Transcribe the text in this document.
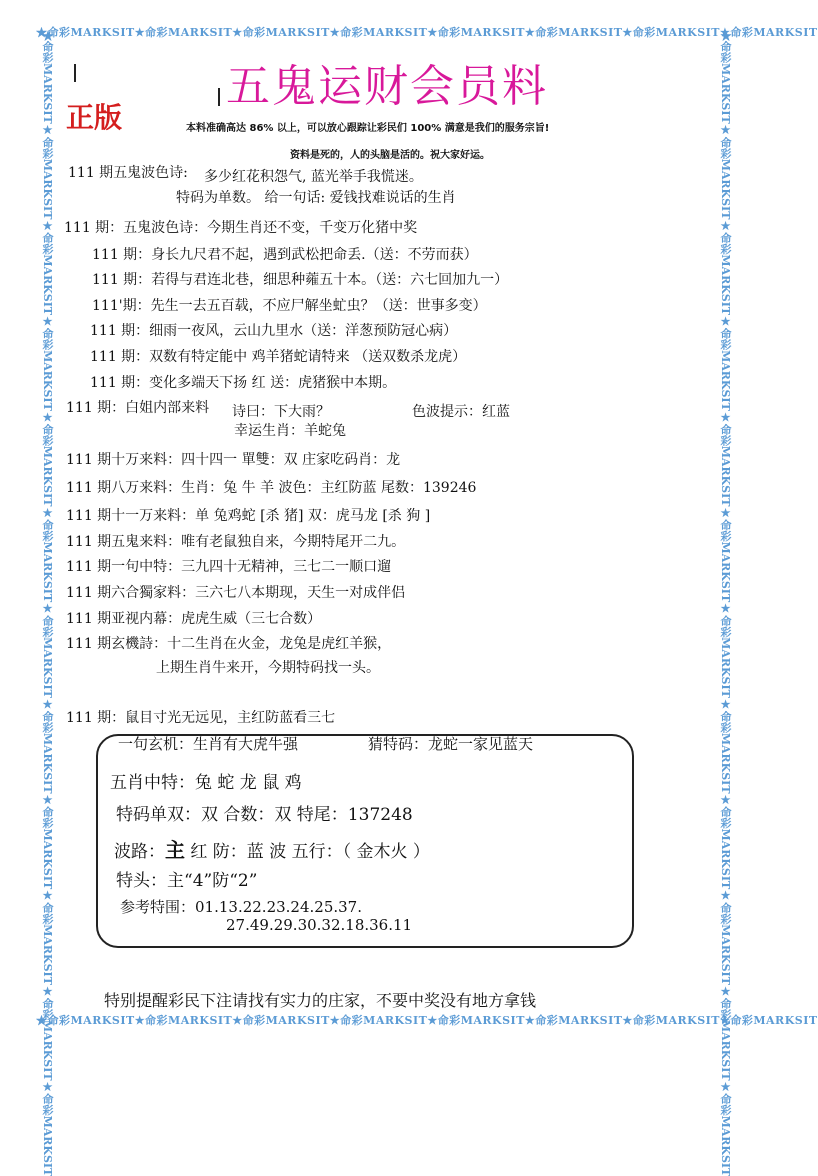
★命彩MARKSIT★命彩MARKSIT★命彩MARKSIT★命彩MARKSIT★命彩MARKSIT★命彩MARKSIT★命彩MARKSIT★命彩MARKSIT
★命彩MARKSIT★命彩MARKSIT★命彩MARKSIT★命彩MARKSIT★命彩MARKSIT★命彩MARKSIT★命彩MARKSIT★命彩MARKSIT
★命彩MARKSIT★命彩MARKSIT★命彩MARKSIT★命彩MARKSIT★命彩MARKSIT★命彩MARKSIT★命彩MARKSIT★命彩MARKSIT★命彩MARKSIT★命彩MARKSIT★命彩MARKSIT★命彩MARKSIT	★命彩MARKSIT★命彩MARKSIT★命彩MARKSIT★命彩MARKSIT★命彩MARKSIT★命彩MARKSIT★命彩MARKSIT★命彩MARKSIT★命彩MARKSIT★命彩MARKSIT★命彩MARKSIT★命彩MARKSIT
五鬼运财会员料
正版	本料准确高达 86% 以上，可以放心跟踪让彩民们 100% 满意是我们的服务宗旨!
资料是死的，人的头脑是活的。祝大家好运。
111 期五鬼波色诗: 多少红花积怨气, 蓝光举手我慌迷。
特码为单数。 给一句话: 爱钱找难说话的生肖
111 期：五鬼波色诗：今期生肖还不变，千变万化猪中奖
111 期：身长九尺君不起，遇到武松把命丢.（送：不劳而获）
111 期：若得与君连北巷，细思种蕹五十本。（送：六七回加九一）
111'期：先生一去五百载，不应尸解坐虻虫？（送：世事多变）
111 期：细雨一夜风，云山九里水（送：洋葱预防冠心病）
111 期：双数有特定能中 鸡羊猪蛇请特来 （送双数杀龙虎）
111 期：变化多端天下扬 红 送：虎猪猴中本期。
111 期：白姐内部来料 诗曰：下大雨？	色波提示：红蓝
幸运生肖：羊蛇兔
111 期十万来料：四十四一 單雙：双 庄家吃码肖：龙
111 期八万来料：生肖：兔 牛 羊 波色：主红防蓝 尾数：139246
111 期十一万来料：单 兔鸡蛇 [杀 猪] 双：虎马龙 [杀 狗 ]
111 期五鬼来料：唯有老鼠独自来，今期特尾开二九。
111 期一句中特：三九四十无精神，三七二一顺口遛
111 期六合獨家料：三六七八本期现，天生一对成伴侣
111 期亚视内幕：虎虎生威（三七合数）
111 期玄機詩：十二生肖在火金，龙兔是虎红羊猴，
上期生肖牛来开，今期特码找一头。
111 期：鼠目寸光无远见，主红防蓝看三七
一句玄机：生肖有大虎牛强	猜特码：龙蛇一家见蓝天
五肖中特：兔 蛇 龙 鼠 鸡
特码单双：双 合数：双 特尾：137248
波路：主 红 防：蓝 波 五行：（ 金木火 ）
特头：主“4”防“2”
参考特围：01.13.22.23.24.25.37.
27.49.29.30.32.18.36.11
特别提醒彩民下注请找有实力的庄家，不要中奖没有地方拿钱
